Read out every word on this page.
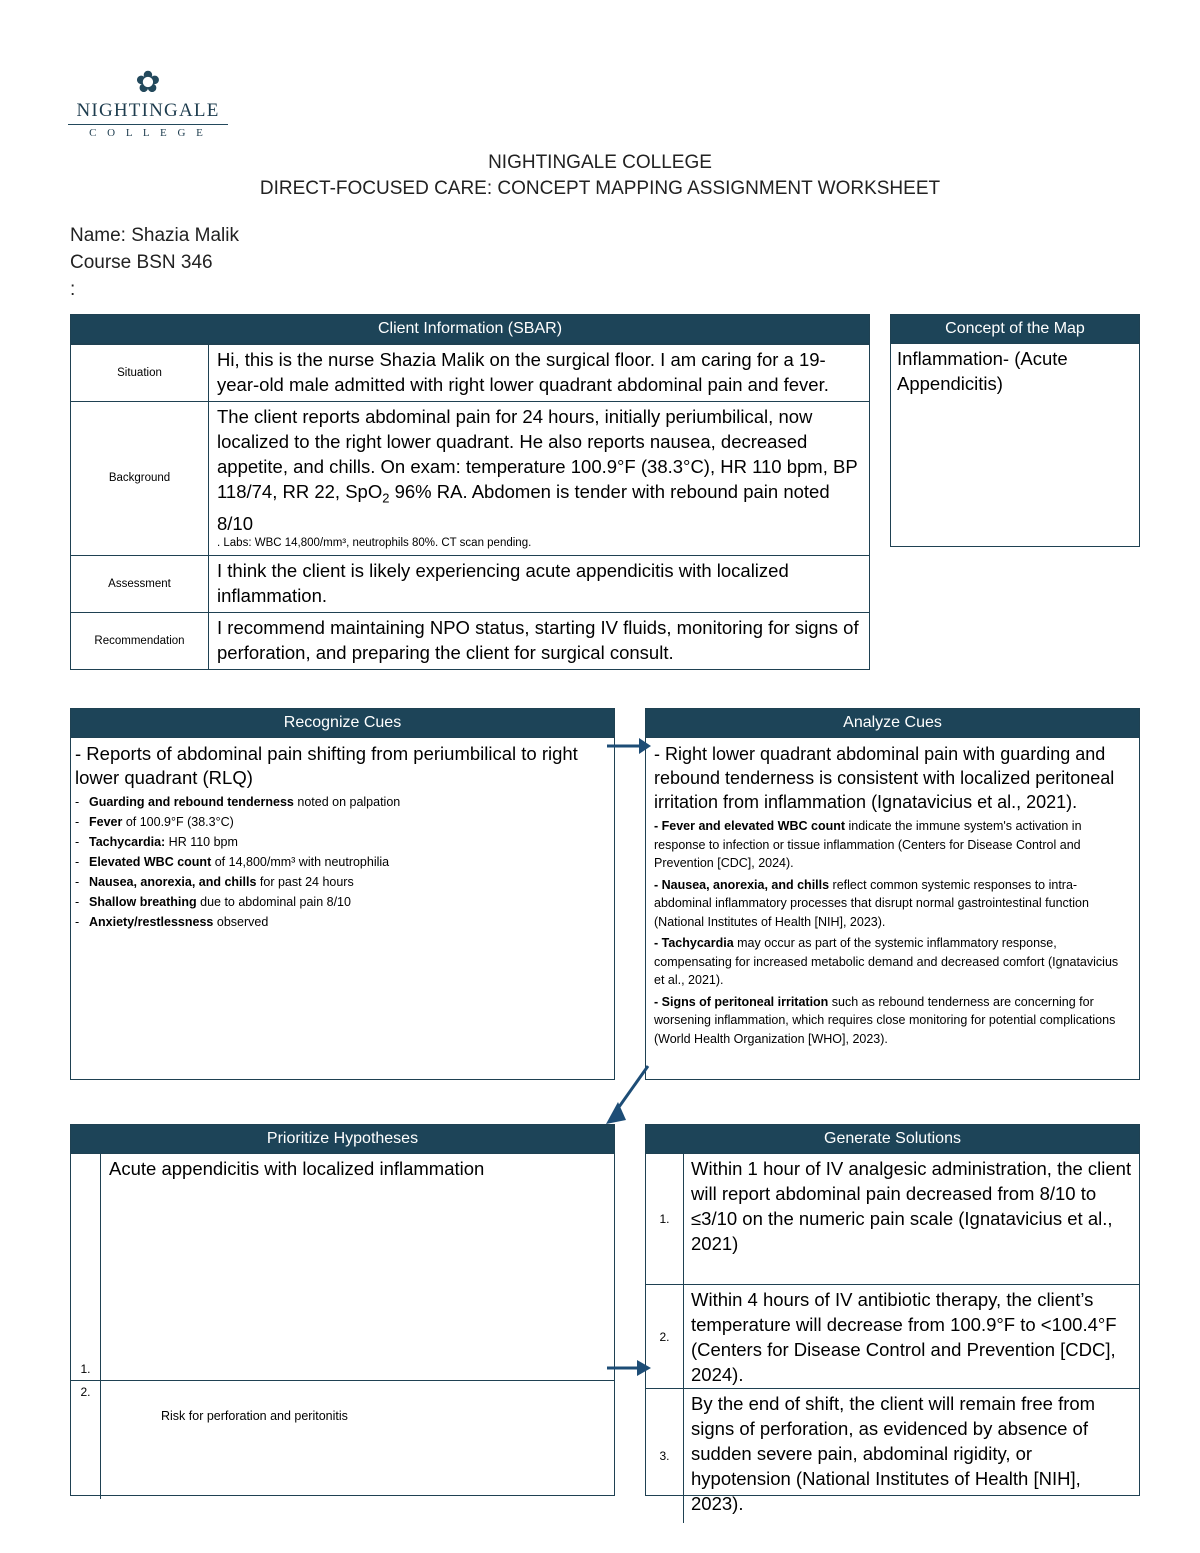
✿
NIGHTINGALE
C O L L E G E
NIGHTINGALE COLLEGE
DIRECT-FOCUSED CARE: CONCEPT MAPPING ASSIGNMENT WORKSHEET
Name: Shazia Malik
Course BSN 346
:
Client Information (SBAR)
Situation
Hi, this is the nurse Shazia Malik on the surgical floor. I am caring for a 19-year-old male admitted with right lower quadrant abdominal pain and fever.
Background
The client reports abdominal pain for 24 hours, initially periumbilical, now localized to the right lower quadrant. He also reports nausea, decreased appetite, and chills. On exam: temperature 100.9°F (38.3°C), HR 110 bpm, BP 118/74, RR 22, SpO$_2$ 96% RA. Abdomen is tender with rebound pain noted 8/10
. Labs: WBC 14,800/mm³, neutrophils 80%. CT scan pending.
Assessment
I think the client is likely experiencing acute appendicitis with localized inflammation.
Recommendation
I recommend maintaining NPO status, starting IV fluids, monitoring for signs of perforation, and preparing the client for surgical consult.
Concept of the Map
Inflammation- (Acute Appendicitis)
Recognize Cues
- Reports of abdominal pain shifting from periumbilical to right lower quadrant (RLQ)
- Guarding and rebound tenderness noted on palpation
- Fever of 100.9°F (38.3°C)
- Tachycardia: HR 110 bpm
- Elevated WBC count of 14,800/mm³ with neutrophilia
- Nausea, anorexia, and chills for past 24 hours
- Shallow breathing due to abdominal pain 8/10
- Anxiety/restlessness observed
Analyze Cues
- Right lower quadrant abdominal pain with guarding and rebound tenderness is consistent with localized peritoneal irritation from inflammation (Ignatavicius et al., 2021).
- Fever and elevated WBC count indicate the immune system's activation in response to infection or tissue inflammation (Centers for Disease Control and Prevention [CDC], 2024).
- Nausea, anorexia, and chills reflect common systemic responses to intra-abdominal inflammatory processes that disrupt normal gastrointestinal function (National Institutes of Health [NIH], 2023).
- Tachycardia may occur as part of the systemic inflammatory response, compensating for increased metabolic demand and decreased comfort (Ignatavicius et al., 2021).
- Signs of peritoneal irritation such as rebound tenderness are concerning for worsening inflammation, which requires close monitoring for potential complications (World Health Organization [WHO], 2023).
Prioritize Hypotheses
1.
Acute appendicitis with localized inflammation
2.
Risk for perforation and peritonitis
Generate Solutions
1.
Within 1 hour of IV analgesic administration, the client will report abdominal pain decreased from 8/10 to ≤3/10 on the numeric pain scale (Ignatavicius et al., 2021)
2.
Within 4 hours of IV antibiotic therapy, the client’s temperature will decrease from 100.9°F to <100.4°F (Centers for Disease Control and Prevention [CDC], 2024).
3.
By the end of shift, the client will remain free from signs of perforation, as evidenced by absence of sudden severe pain, abdominal rigidity, or hypotension (National Institutes of Health [NIH], 2023).
